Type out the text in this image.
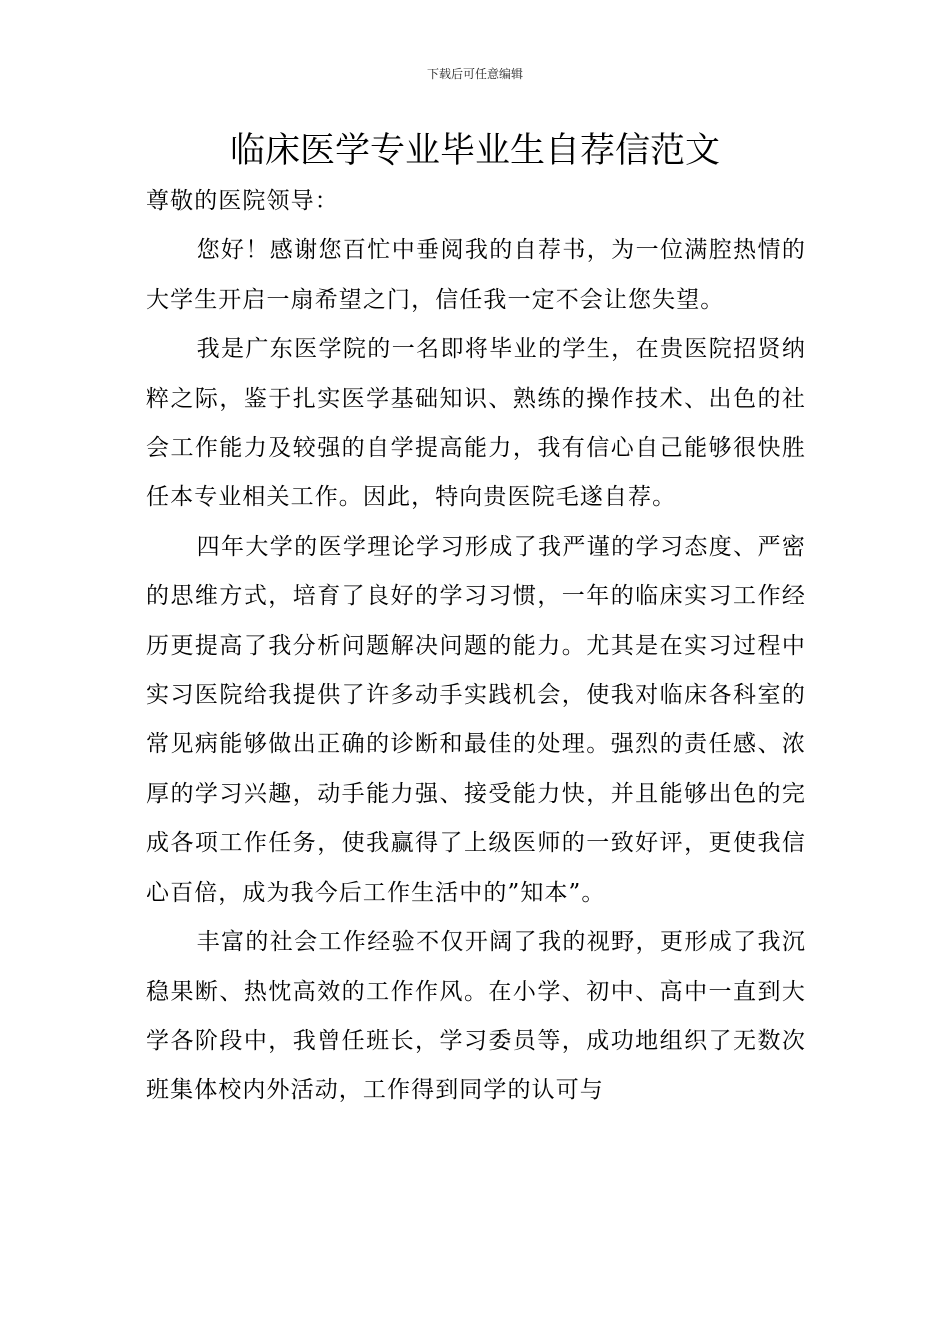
下载后可任意编辑
临床医学专业毕业生自荐信范文

尊敬的医院领导：

您好！感谢您百忙中垂阅我的自荐书，为一位满腔热情的大学生开启一扇希望之门，信任我一定不会让您失望。

我是广东医学院的一名即将毕业的学生，在贵医院招贤纳粹之际，鉴于扎实医学基础知识、熟练的操作技术、出色的社会工作能力及较强的自学提高能力，我有信心自己能够很快胜任本专业相关工作。因此，特向贵医院毛遂自荐。

四年大学的医学理论学习形成了我严谨的学习态度、严密的思维方式，培育了良好的学习习惯，一年的临床实习工作经历更提高了我分析问题解决问题的能力。尤其是在实习过程中实习医院给我提供了许多动手实践机会，使我对临床各科室的常见病能够做出正确的诊断和最佳的处理。强烈的责任感、浓厚的学习兴趣，动手能力强、接受能力快，并且能够出色的完成各项工作任务，使我赢得了上级医师的一致好评，更使我信心百倍，成为我今后工作生活中的”知本”。

丰富的社会工作经验不仅开阔了我的视野，更形成了我沉稳果断、热忱高效的工作作风。在小学、初中、高中一直到大学各阶段中，我曾任班长，学习委员等，成功地组织了无数次班集体校内外活动，工作得到同学的认可与
